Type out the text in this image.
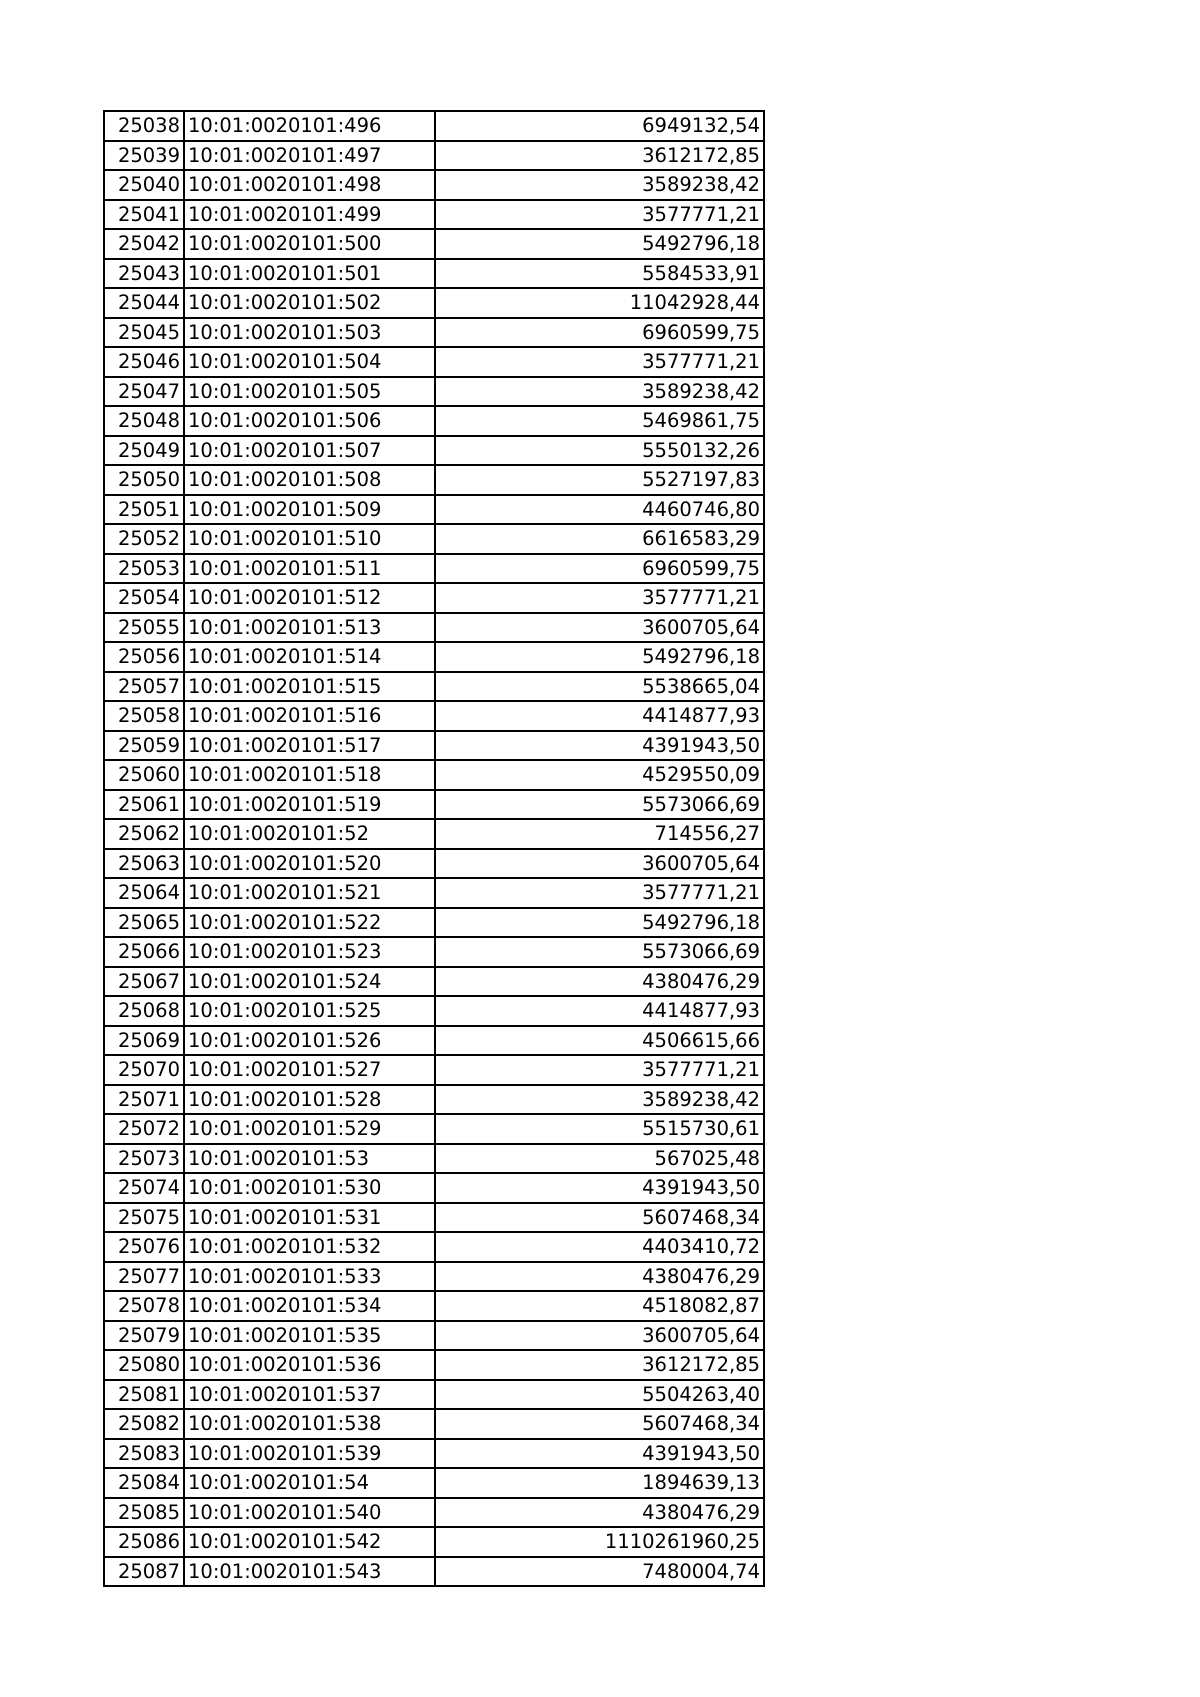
25038	10:01:0020101:496	6949132,54
25039	10:01:0020101:497	3612172,85
25040	10:01:0020101:498	3589238,42
25041	10:01:0020101:499	3577771,21
25042	10:01:0020101:500	5492796,18
25043	10:01:0020101:501	5584533,91
25044	10:01:0020101:502	11042928,44
25045	10:01:0020101:503	6960599,75
25046	10:01:0020101:504	3577771,21
25047	10:01:0020101:505	3589238,42
25048	10:01:0020101:506	5469861,75
25049	10:01:0020101:507	5550132,26
25050	10:01:0020101:508	5527197,83
25051	10:01:0020101:509	4460746,80
25052	10:01:0020101:510	6616583,29
25053	10:01:0020101:511	6960599,75
25054	10:01:0020101:512	3577771,21
25055	10:01:0020101:513	3600705,64
25056	10:01:0020101:514	5492796,18
25057	10:01:0020101:515	5538665,04
25058	10:01:0020101:516	4414877,93
25059	10:01:0020101:517	4391943,50
25060	10:01:0020101:518	4529550,09
25061	10:01:0020101:519	5573066,69
25062	10:01:0020101:52	714556,27
25063	10:01:0020101:520	3600705,64
25064	10:01:0020101:521	3577771,21
25065	10:01:0020101:522	5492796,18
25066	10:01:0020101:523	5573066,69
25067	10:01:0020101:524	4380476,29
25068	10:01:0020101:525	4414877,93
25069	10:01:0020101:526	4506615,66
25070	10:01:0020101:527	3577771,21
25071	10:01:0020101:528	3589238,42
25072	10:01:0020101:529	5515730,61
25073	10:01:0020101:53	567025,48
25074	10:01:0020101:530	4391943,50
25075	10:01:0020101:531	5607468,34
25076	10:01:0020101:532	4403410,72
25077	10:01:0020101:533	4380476,29
25078	10:01:0020101:534	4518082,87
25079	10:01:0020101:535	3600705,64
25080	10:01:0020101:536	3612172,85
25081	10:01:0020101:537	5504263,40
25082	10:01:0020101:538	5607468,34
25083	10:01:0020101:539	4391943,50
25084	10:01:0020101:54	1894639,13
25085	10:01:0020101:540	4380476,29
25086	10:01:0020101:542	1110261960,25
25087	10:01:0020101:543	7480004,74
